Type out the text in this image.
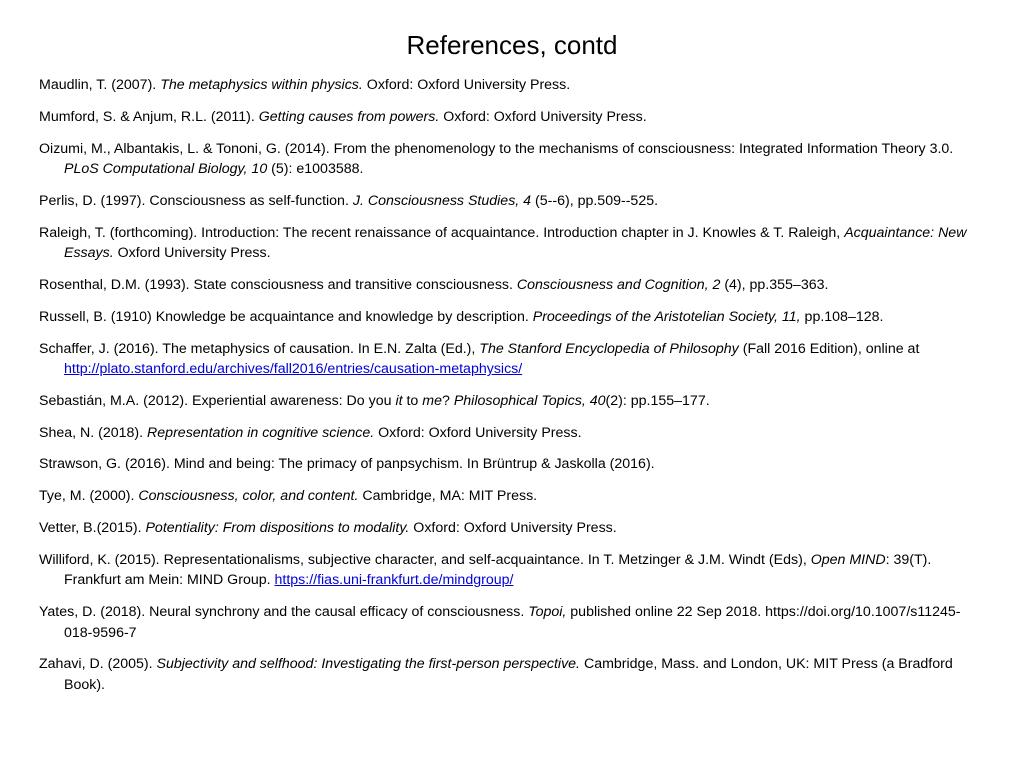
References, contd
Maudlin, T. (2007). The metaphysics within physics. Oxford: Oxford University Press.
Mumford, S. & Anjum, R.L. (2011). Getting causes from powers. Oxford: Oxford University Press.
Oizumi, M., Albantakis, L. & Tononi, G. (2014). From the phenomenology to the mechanisms of consciousness: Integrated Information Theory 3.0. PLoS Computational Biology, 10 (5): e1003588.
Perlis, D. (1997). Consciousness as self-function. J. Consciousness Studies, 4 (5--6), pp.509--525.
Raleigh, T. (forthcoming). Introduction: The recent renaissance of acquaintance. Introduction chapter in J. Knowles & T. Raleigh, Acquaintance: New Essays. Oxford University Press.
Rosenthal, D.M. (1993). State consciousness and transitive consciousness. Consciousness and Cognition, 2 (4), pp.355–363.
Russell, B. (1910) Knowledge be acquaintance and knowledge by description. Proceedings of the Aristotelian Society, 11, pp.108–128.
Schaffer, J. (2016). The metaphysics of causation. In E.N. Zalta (Ed.), The Stanford Encyclopedia of Philosophy (Fall 2016 Edition), online at http://plato.stanford.edu/archives/fall2016/entries/causation-metaphysics/
Sebastián, M.A. (2012). Experiential awareness: Do you it to me? Philosophical Topics, 40(2): pp.155–177.
Shea, N. (2018). Representation in cognitive science. Oxford: Oxford University Press.
Strawson, G. (2016). Mind and being: The primacy of panpsychism. In Brüntrup & Jaskolla (2016).
Tye, M. (2000). Consciousness, color, and content. Cambridge, MA: MIT Press.
Vetter, B.(2015). Potentiality: From dispositions to modality. Oxford: Oxford University Press.
Williford, K. (2015). Representationalisms, subjective character, and self-acquaintance. In T. Metzinger & J.M. Windt (Eds), Open MIND: 39(T). Frankfurt am Mein: MIND Group. https://fias.uni-frankfurt.de/mindgroup/
Yates, D. (2018). Neural synchrony and the causal efficacy of consciousness. Topoi, published online 22 Sep 2018. https://doi.org/10.1007/s11245-018-9596-7
Zahavi, D. (2005). Subjectivity and selfhood: Investigating the first-person perspective. Cambridge, Mass. and London, UK: MIT Press (a Bradford Book).
